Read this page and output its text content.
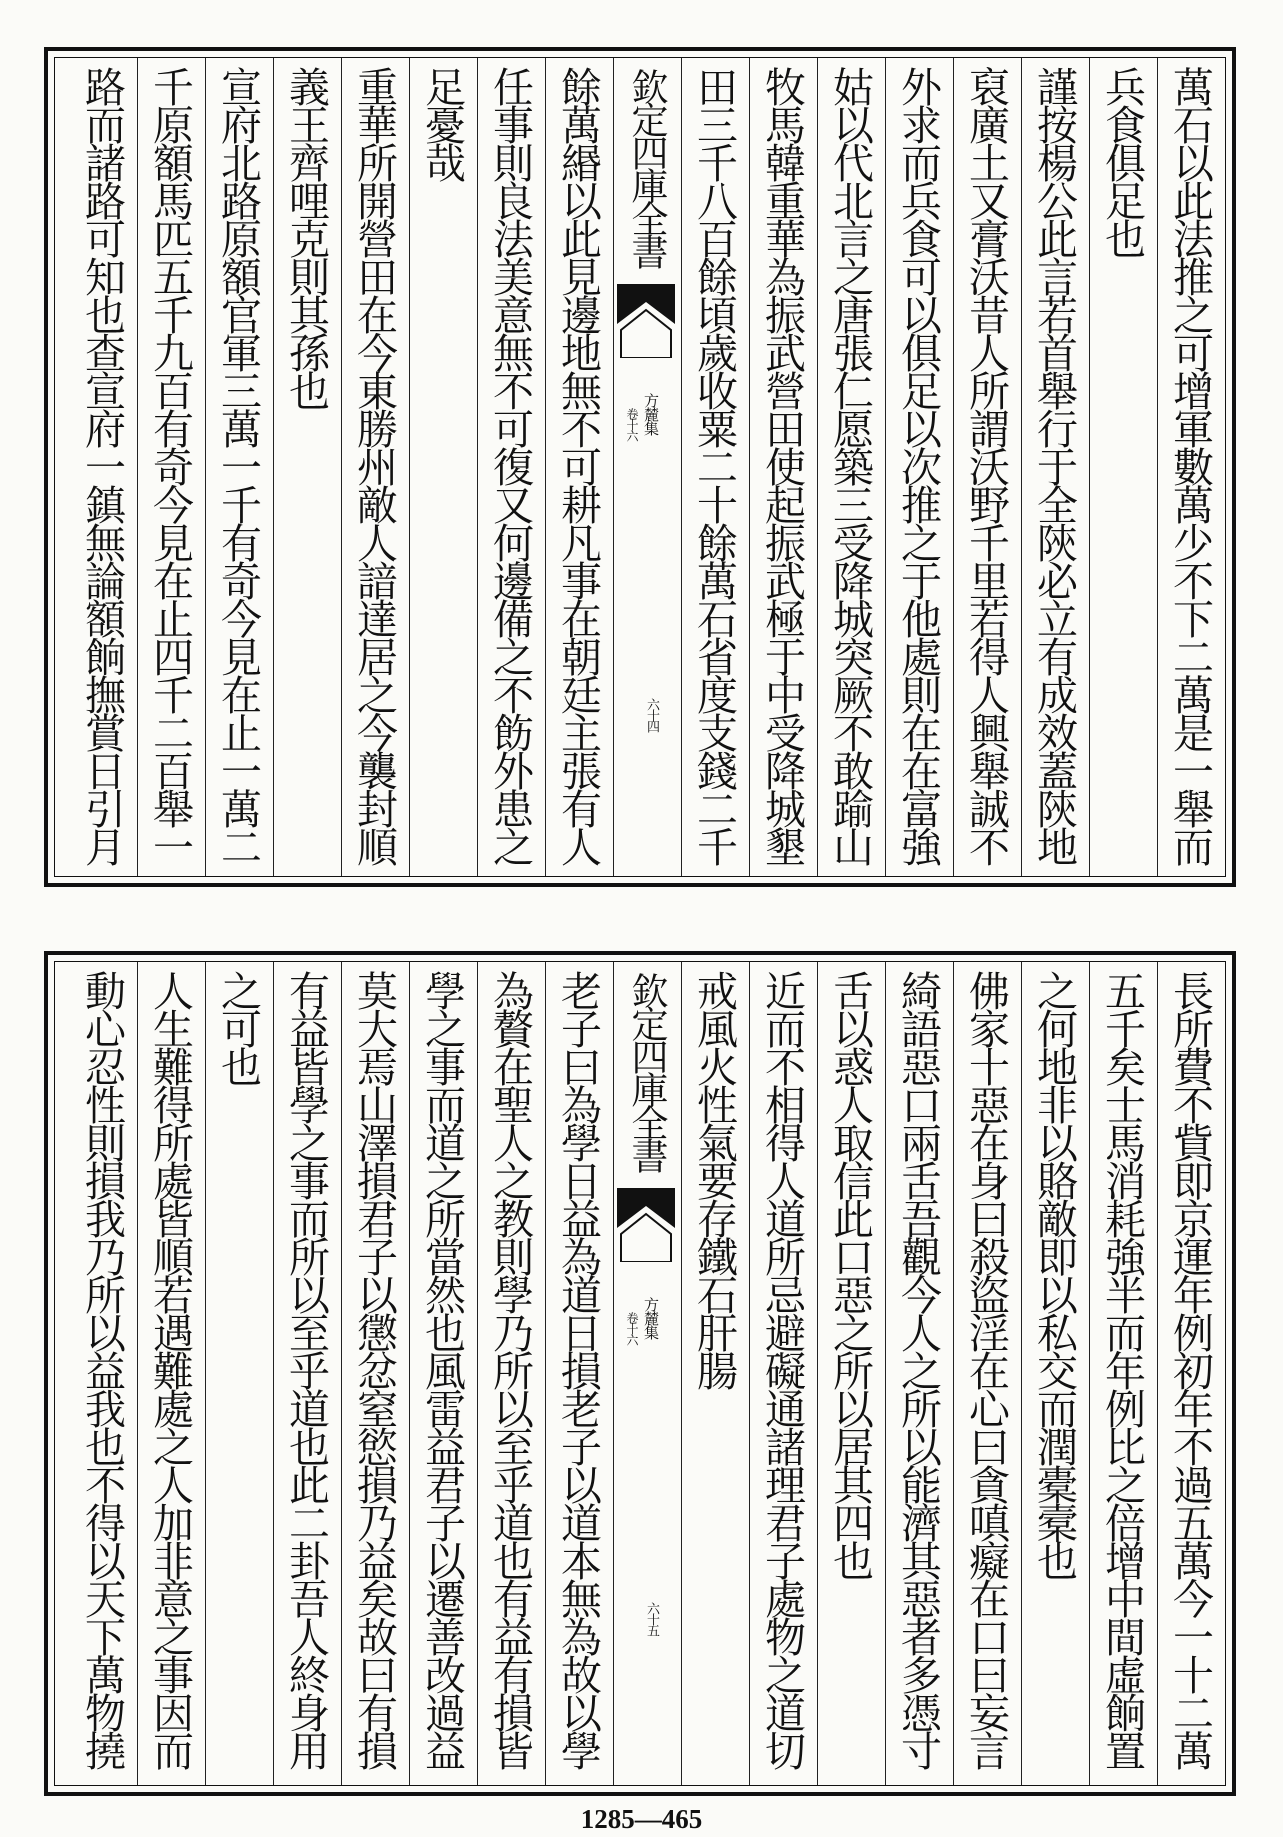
萬石以此法推之可增軍數萬少不下二萬是一舉而
兵食俱足也
謹按楊公此言若首舉行于全陝必立有成效蓋陝地
裒廣土又膏沃昔人所謂沃野千里若得人興舉誠不
外求而兵食可以俱足以次推之于他處則在在富強
姑以代北言之唐張仁愿築三受降城突厥不敢踰山
牧馬韓重華為振武營田使起振武極于中受降城墾
田三千八百餘頃歲收粟二十餘萬石省度支錢二千
欽定四庫全書
方麓集
卷十六
六十四
餘萬緡以此見邊地無不可耕凡事在朝廷主張有人
任事則良法美意無不可復又何邊備之不飭外患之
足憂哉
重華所開營田在今東勝州敵人諳達居之今襲封順
義王齊哩克則其孫也
宣府北路原額官軍三萬一千有奇今見在止一萬二
千原額馬匹五千九百有奇今見在止四千二百舉一
路而諸路可知也查宣府一鎮無論額餉撫賞日引月
長所費不貲即京運年例初年不過五萬今一十二萬
五千矣士馬消耗強半而年例比之倍增中間虛餉置
之何地非以賂敵即以私交而潤橐槖也
佛家十惡在身曰殺盜淫在心曰貪嗔癡在口曰妄言
綺語惡口兩舌吾觀今人之所以能濟其惡者多憑寸
舌以惑人取信此口惡之所以居其四也
近而不相得人道所忌避礙通諸理君子處物之道切
戒風火性氣要存鐵石肝腸
欽定四庫全書
方麓集
卷十六
六十五
老子曰為學日益為道日損老子以道本無為故以學
為贅在聖人之教則學乃所以至乎道也有益有損皆
學之事而道之所當然也風雷益君子以遷善改過益
莫大焉山澤損君子以懲忿窒慾損乃益矣故曰有損
有益皆學之事而所以至乎道也此二卦吾人終身用
之可也
人生難得所處皆順若遇難處之人加非意之事因而
動心忍性則損我乃所以益我也不得以天下萬物撓
1285—465
